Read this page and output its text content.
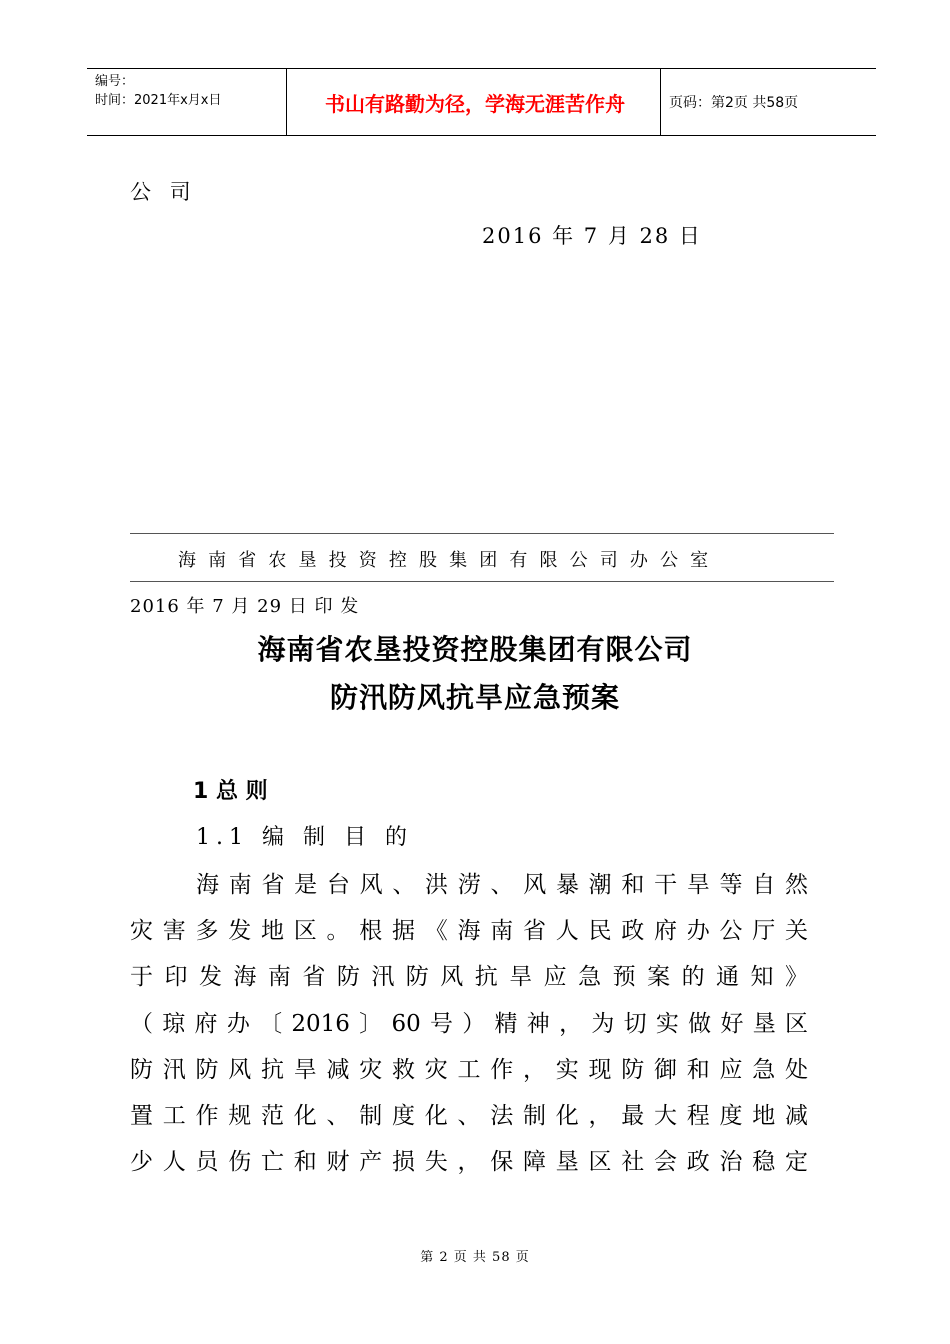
编号：
时间：2021年x月x日	书山有路勤为径，学海无涯苦作舟	页码：第2页 共58页
公 司
2016 年 7 月 28 日
海 南 省 农 垦 投 资 控 股 集 团 有 限 公 司 办 公 室
2016 年 7 月 29 日 印 发
海南省农垦投资控股集团有限公司
防汛防风抗旱应急预案
1 总 则
1.1 编 制 目 的
海南省是台风、洪涝、风暴潮和干旱等自然
灾害多发地区。根据《海南省人民政府办公厅关
于印发海南省防汛防风抗旱应急预案的通知》
（琼府办〔2016〕60号）精神，为切实做好垦区
防汛防风抗旱减灾救灾工作，实现防御和应急处
置工作规范化、制度化、法制化，最大程度地减
少人员伤亡和财产损失，保障垦区社会政治稳定
第 2 页 共 58 页
